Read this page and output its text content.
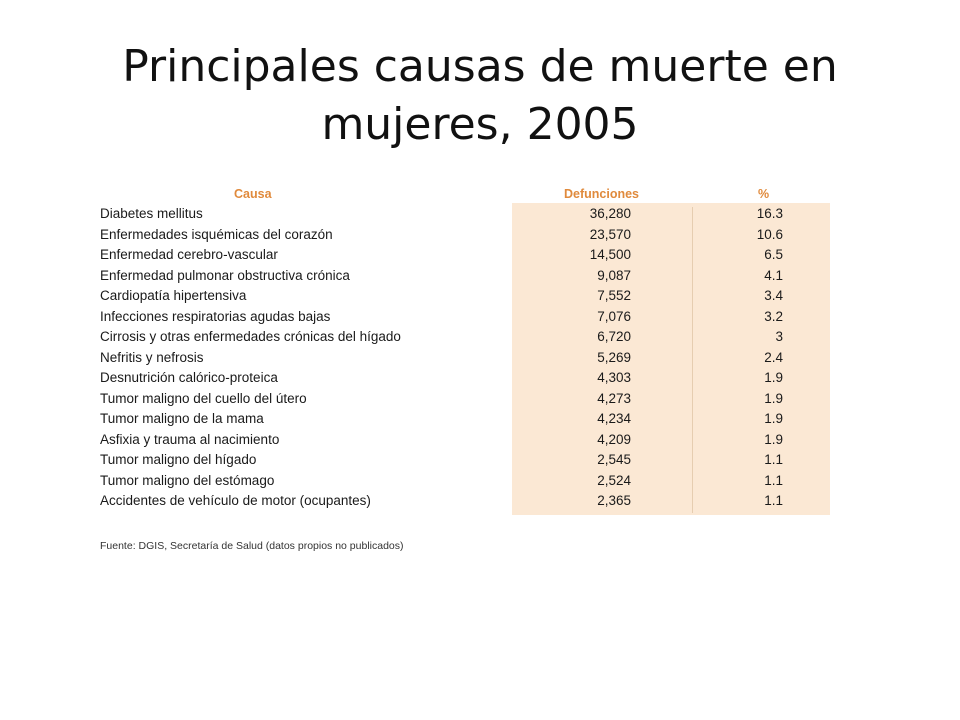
Principales causas de muerte en mujeres, 2005
Causa	Defunciones	%
Diabetes mellitus	36,280	16.3
Enfermedades isquémicas del corazón	23,570	10.6
Enfermedad cerebro-vascular	14,500	6.5
Enfermedad pulmonar obstructiva crónica	9,087	4.1
Cardiopatía hipertensiva	7,552	3.4
Infecciones respiratorias agudas bajas	7,076	3.2
Cirrosis y otras enfermedades crónicas del hígado	6,720	3
Nefritis y nefrosis	5,269	2.4
Desnutrición calórico-proteica	4,303	1.9
Tumor maligno del cuello del útero	4,273	1.9
Tumor maligno de la mama	4,234	1.9
Asfixia y trauma al nacimiento	4,209	1.9
Tumor maligno del hígado	2,545	1.1
Tumor maligno del estómago	2,524	1.1
Accidentes de vehículo de motor (ocupantes)	2,365	1.1
Fuente: DGIS, Secretaría de Salud (datos propios no publicados)
